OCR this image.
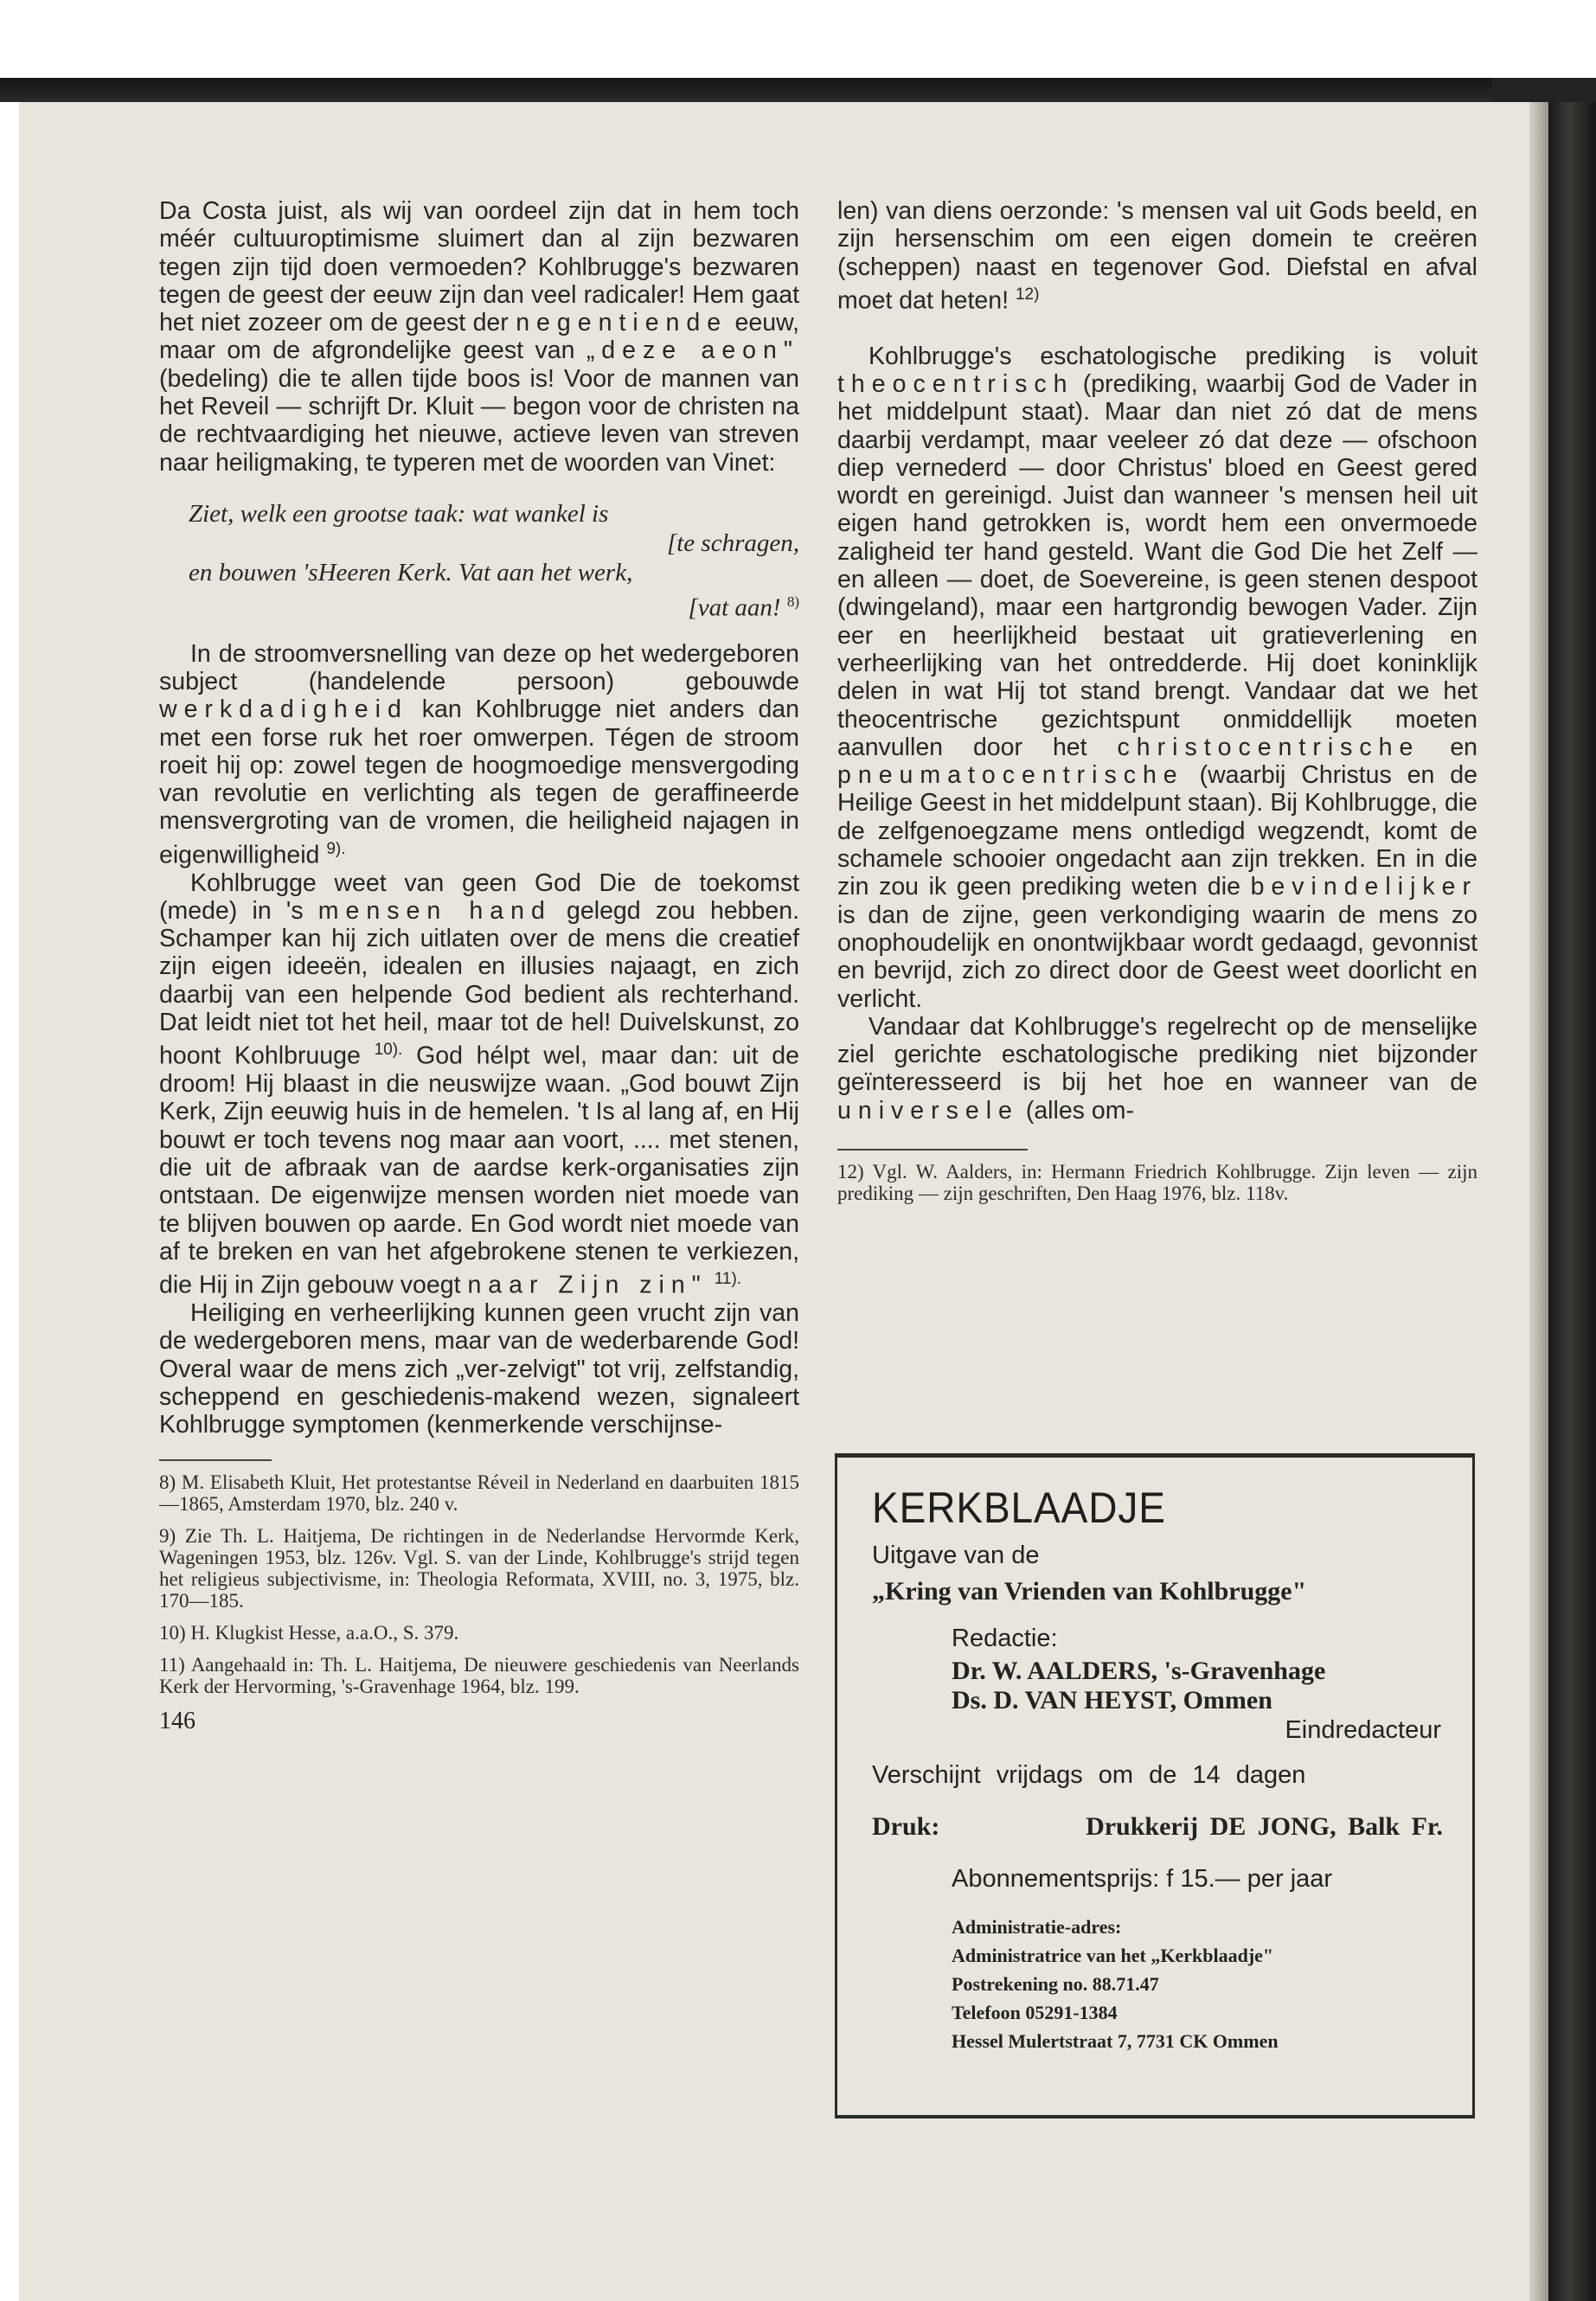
Da Costa juist, als wij van oordeel zijn dat in hem toch méér cultuuroptimisme sluimert dan al zijn bezwaren tegen zijn tijd doen vermoeden? Kohlbrugge's bezwaren tegen de geest der eeuw zijn dan veel radicaler! Hem gaat het niet zozeer om de geest der negentiende eeuw, maar om de afgrondelijke geest van „deze aeon" (bedeling) die te allen tijde boos is! Voor de mannen van het Reveil — schrijft Dr. Kluit — begon voor de christen na de rechtvaardiging het nieuwe, actieve leven van streven naar heiligmaking, te typeren met de woorden van Vinet:

Ziet, welk een grootse taak: wat wankel is
[te schragen,
en bouwen 'sHeeren Kerk. Vat aan het werk,
[vat aan! $^{8)}$

In de stroomversnelling van deze op het wedergeboren subject (handelende persoon) gebouwde werkdadigheid kan Kohlbrugge niet anders dan met een forse ruk het roer omwerpen. Tégen de stroom roeit hij op: zowel tegen de hoogmoedige mensvergoding van revolutie en verlichting als tegen de geraffineerde mensvergroting van de vromen, die heiligheid najagen in eigenwilligheid $^{9).}$

Kohlbrugge weet van geen God Die de toekomst (mede) in 's mensen hand gelegd zou hebben. Schamper kan hij zich uitlaten over de mens die creatief zijn eigen ideeën, idealen en illusies najaagt, en zich daarbij van een helpende God bedient als rechterhand. Dat leidt niet tot het heil, maar tot de hel! Duivelskunst, zo hoont Kohlbruuge $^{10).}$ God hélpt wel, maar dan: uit de droom! Hij blaast in die neuswijze waan. „God bouwt Zijn Kerk, Zijn eeuwig huis in de hemelen. 't Is al lang af, en Hij bouwt er toch tevens nog maar aan voort, .... met stenen, die uit de afbraak van de aardse kerk-organisaties zijn ontstaan. De eigenwijze mensen worden niet moede van te blijven bouwen op aarde. En God wordt niet moede van af te breken en van het afgebrokene stenen te verkiezen, die Hij in Zijn gebouw voegt naar Zijn zin" $^{11).}$

Heiliging en verheerlijking kunnen geen vrucht zijn van de wedergeboren mens, maar van de wederbarende God! Overal waar de mens zich „ver-zelvigt" tot vrij, zelfstandig, scheppend en geschiedenis-makend wezen, signaleert Kohlbrugge symptomen (kenmerkende verschijnse-

8) M. Elisabeth Kluit, Het protestantse Réveil in Nederland en daarbuiten 1815—1865, Amsterdam 1970, blz. 240 v.
9) Zie Th. L. Haitjema, De richtingen in de Nederlandse Hervormde Kerk, Wageningen 1953, blz. 126v. Vgl. S. van der Linde, Kohlbrugge's strijd tegen het religieus subjectivisme, in: Theologia Reformata, XVIII, no. 3, 1975, blz. 170—185.
10) H. Klugkist Hesse, a.a.O., S. 379.
11) Aangehaald in: Th. L. Haitjema, De nieuwere geschiedenis van Neerlands Kerk der Hervorming, 's-Gravenhage 1964, blz. 199.
146

len) van diens oerzonde: 's mensen val uit Gods beeld, en zijn hersenschim om een eigen domein te creëren (scheppen) naast en tegenover God. Diefstal en afval moet dat heten! $^{12)}$

Kohlbrugge's eschatologische prediking is voluit theocentrisch (prediking, waarbij God de Vader in het middelpunt staat). Maar dan niet zó dat de mens daarbij verdampt, maar veeleer zó dat deze — ofschoon diep vernederd — door Christus' bloed en Geest gered wordt en gereinigd. Juist dan wanneer 's mensen heil uit eigen hand getrokken is, wordt hem een onvermoede zaligheid ter hand gesteld. Want die God Die het Zelf — en alleen — doet, de Soevereine, is geen stenen despoot (dwingeland), maar een hartgrondig bewogen Vader. Zijn eer en heerlijkheid bestaat uit gratieverlening en verheerlijking van het ontredderde. Hij doet koninklijk delen in wat Hij tot stand brengt. Vandaar dat we het theocentrische gezichtspunt onmiddellijk moeten aanvullen door het christocentrische en pneumatocentrische (waarbij Christus en de Heilige Geest in het middelpunt staan). Bij Kohlbrugge, die de zelfgenoegzame mens ontledigd wegzendt, komt de schamele schooier ongedacht aan zijn trekken. En in die zin zou ik geen prediking weten die bevindelijker is dan de zijne, geen verkondiging waarin de mens zo onophoudelijk en onontwijkbaar wordt gedaagd, gevonnist en bevrijd, zich zo direct door de Geest weet doorlicht en verlicht.

Vandaar dat Kohlbrugge's regelrecht op de menselijke ziel gerichte eschatologische prediking niet bijzonder geïnteresseerd is bij het hoe en wanneer van de universele (alles om-

12) Vgl. W. Aalders, in: Hermann Friedrich Kohlbrugge. Zijn leven — zijn prediking — zijn geschriften, Den Haag 1976, blz. 118v.
KERKBLAADJE
Uitgave van de
„Kring van Vrienden van Kohlbrugge"
Redactie:
Dr. W. AALDERS, 's-Gravenhage
Ds. D. VAN HEYST, Ommen
Eindredacteur
Verschijnt vrijdags om de 14 dagen
Druk:	Drukkerij DE JONG, Balk Fr.
Abonnementsprijs: f 15.— per jaar
Administratie-adres:
Administratrice van het „Kerkblaadje"
Postrekening no. 88.71.47
Telefoon 05291-1384
Hessel Mulertstraat 7, 7731 CK Ommen
